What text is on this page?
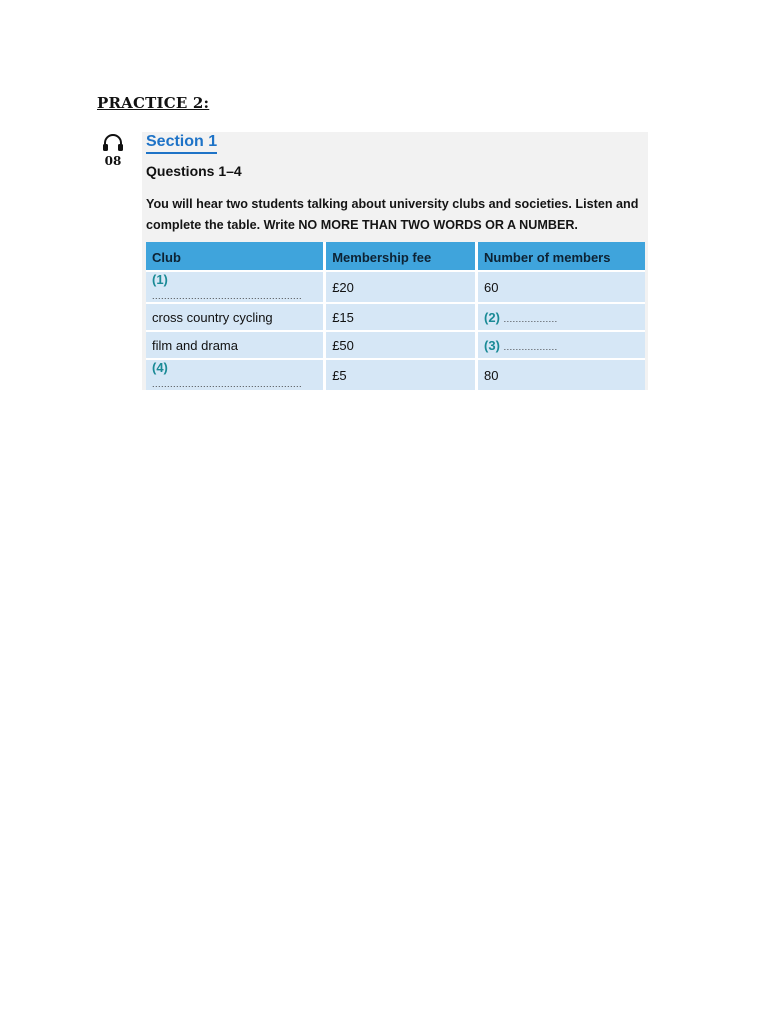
PRACTICE 2:
08
Section 1
Questions 1–4
You will hear two students talking about university clubs and societies. Listen and complete the table. Write NO MORE THAN TWO WORDS OR A NUMBER.
Club	Membership fee	Number of members
(1) ..................................................	£20	60
cross country cycling	£15	(2) ..................
film and drama	£50	(3) ..................
(4) ..................................................	£5	80
